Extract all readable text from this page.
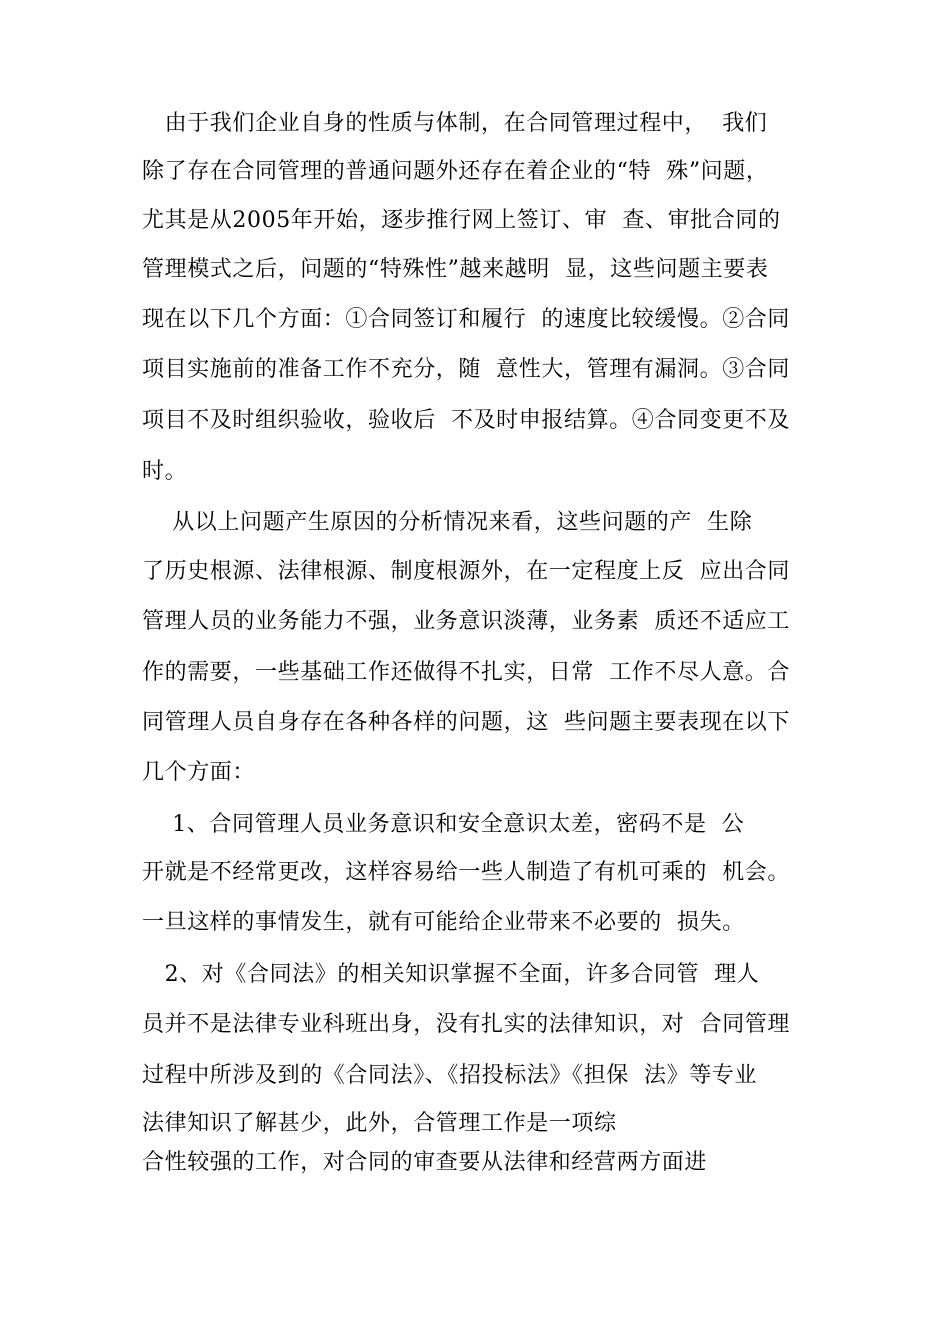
　由于我们企业自身的性质与体制，在合同管理过程中，  我们
除了存在合同管理的普通问题外还存在着企业的“特  殊”问题，
尤其是从2005年开始，逐步推行网上签订、审  查、审批合同的
管理模式之后，问题的“特殊性”越来越明  显，这些问题主要表
现在以下几个方面：①合同签订和履行  的速度比较缓慢。②合同
项目实施前的准备工作不充分，随  意性大，管理有漏洞。③合同
项目不及时组织验收，验收后  不及时申报结算。④合同变更不及
时。
　 从以上问题产生原因的分析情况来看，这些问题的产  生除
了历史根源、法律根源、制度根源外，在一定程度上反  应出合同
管理人员的业务能力不强，业务意识淡薄，业务素  质还不适应工
作的需要，一些基础工作还做得不扎实，日常  工作不尽人意。合
同管理人员自身存在各种各样的问题，这  些问题主要表现在以下
几个方面：
　 1、合同管理人员业务意识和安全意识太差，密码不是  公
开就是不经常更改，这样容易给一些人制造了有机可乘的  机会。
一旦这样的事情发生，就有可能给企业带来不必要的  损失。
　2、对《合同法》的相关知识掌握不全面，许多合同管  理人
员并不是法律专业科班出身，没有扎实的法律知识，对  合同管理
过程中所涉及到的《合同法》、《招投标法》《担保  法》等专业
法律知识了解甚少，此外，合管理工作是一项综
合性较强的工作，对合同的审查要从法律和经营两方面进
